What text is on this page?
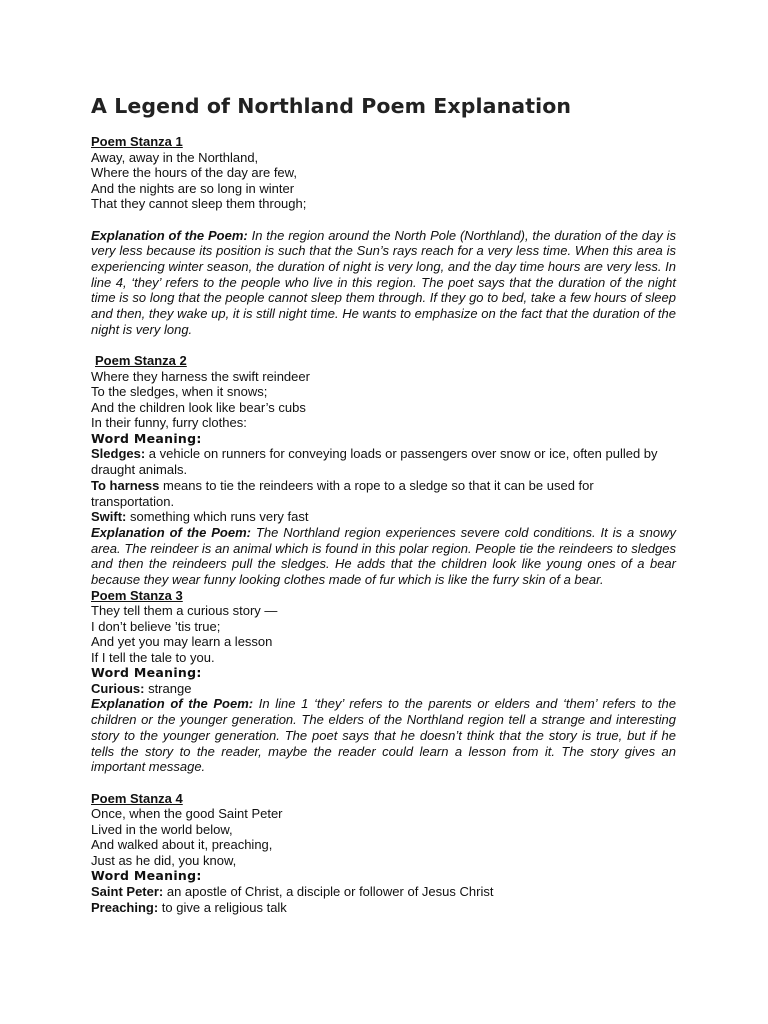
A Legend of Northland Poem Explanation

Poem Stanza 1

Away, away in the Northland,

Where the hours of the day are few,

And the nights are so long in winter

That they cannot sleep them through;

Explanation of the Poem: In the region around the North Pole (Northland), the duration of the day is very less because its position is such that the Sun’s rays reach for a very less time. When this area is experiencing winter season, the duration of night is very long, and the day time hours are very less. In line 4, ‘they’ refers to the people who live in this region. The poet says that the duration of the night time is so long that the people cannot sleep them through. If they go to bed, take a few hours of sleep and then, they wake up, it is still night time. He wants to emphasize on the fact that the duration of the night is very long.

Poem Stanza 2

Where they harness the swift reindeer

To the sledges, when it snows;

And the children look like bear’s cubs

In their funny, furry clothes:

Word Meaning:

Sledges: a vehicle on runners for conveying loads or passengers over snow or ice, often pulled by draught animals.

To harness means to tie the reindeers with a rope to a sledge so that it can be used for transportation.

Swift: something which runs very fast

Explanation of the Poem: The Northland region experiences severe cold conditions. It is a snowy area. The reindeer is an animal which is found in this polar region. People tie the reindeers to sledges and then the reindeers pull the sledges. He adds that the children look like young ones of a bear because they wear funny looking clothes made of fur which is like the furry skin of a bear.

Poem Stanza 3

They tell them a curious story —

I don’t believe ’tis true;

And yet you may learn a lesson

If I tell the tale to you.

Word Meaning:

Curious: strange

Explanation of the Poem: In line 1 ‘they’ refers to the parents or elders and ‘them’ refers to the children or the younger generation. The elders of the Northland region tell a strange and interesting story to the younger generation. The poet says that he doesn’t think that the story is true, but if he tells the story to the reader, maybe the reader could learn a lesson from it. The story gives an important message.

Poem Stanza 4

Once, when the good Saint Peter

Lived in the world below,

And walked about it, preaching,

Just as he did, you know,

Word Meaning:

Saint Peter: an apostle of Christ, a disciple or follower of Jesus Christ

Preaching: to give a religious talk
